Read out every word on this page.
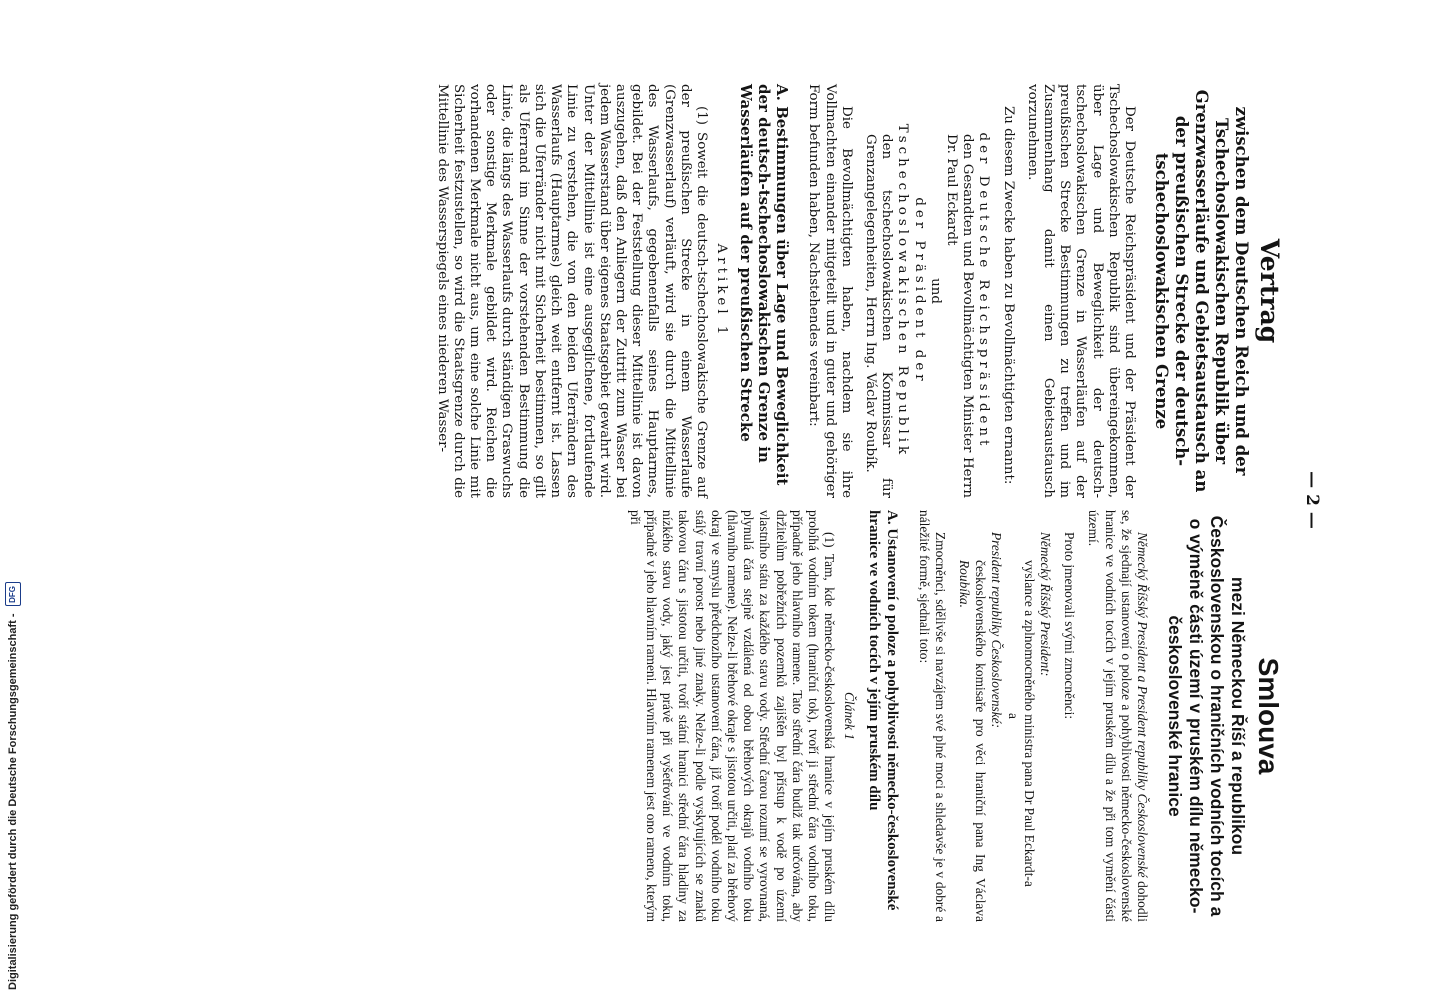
Digitalisierung gefördert durch die Deutsche Forschungsgemeinschaft - DFG
— 2 —
Vertrag
zwischen dem Deutschen Reich und der Tschechoslowakischen Republik über Grenzwasserläufe und Gebietsaustausch an der preußischen Strecke der deutsch-tschechoslowakischen Grenze

Der Deutsche Reichspräsident und der Präsident der Tschechoslowakischen Republik sind übereingekommen, über Lage und Beweglichkeit der deutsch-tschechoslowakischen Grenze in Wasserläufen auf der preußischen Strecke Bestimmungen zu treffen und im Zusammenhang damit einen Gebietsaustausch vorzunehmen.

Zu diesem Zwecke haben zu Bevollmächtigten ernannt:

der Deutsche Reichspräsident

den Gesandten und Bevollmächtigten Minister Herrn Dr. Paul Eckardt

und

der Präsident der Tschechoslowakischen Republik

den tschechoslowakischen Kommissar für Grenzangelegenheiten, Herrn Ing. Václav Roubík.

Die Bevollmächtigten haben, nachdem sie ihre Vollmachten einander mitgeteilt und in guter und gehöriger Form befunden haben, Nachstehendes vereinbart:

A. Bestimmungen über Lage und Beweglichkeit der deutsch-tschechoslowakischen Grenze in Wasserläufen auf der preußischen Strecke

Artikel 1

(1) Soweit die deutsch-tschechoslowakische Grenze auf der preußischen Strecke in einem Wasserlaufe (Grenzwasserlauf) verläuft, wird sie durch die Mittellinie des Wasserlaufs, gegebenenfalls seines Hauptarmes, gebildet. Bei der Feststellung dieser Mittellinie ist davon auszugehen, daß den Anliegern der Zutritt zum Wasser bei jedem Wasserstand über eigenes Staatsgebiet gewahrt wird. Unter der Mittellinie ist eine ausgeglichene, fortlaufende Linie zu verstehen, die von den beiden Uferrändern des Wasserlaufs (Hauptarmes) gleich weit entfernt ist. Lassen sich die Uferränder nicht mit Sicherheit bestimmen, so gilt als Uferrand im Sinne der vorstehenden Bestimmung die Linie, die längs des Wasserlaufs durch ständigen Graswuchs oder sonstige Merkmale gebildet wird. Reichen die vorhandenen Merkmale nicht aus, um eine solche Linie mit Sicherheit festzustellen, so wird die Staatsgrenze durch die Mittellinie des Wasserspiegels eines niederen Wasser-

Smlouva
mezi Německou Říší a republikou Československou o hraničních vodních tocích a o výměně části území v pruském dílu německo-československé hranice

Německý Říšský President a President republiky Československé dohodli se, že sjednají ustanovení o poloze a pohyblivosti německo-československé hranice ve vodních tocích v jejím pruském dílu a že při tom vymění části území.

Proto jmenovali svými zmocněnci:

Německý Říšský President:

vyslance a zplnomocněného ministra pana Dr Paul Eckardt-a

a

President republiky Československé:

československého komisaře pro věci hraniční pana Ing Václava Roubíka.

Zmocněnci, sdělivše si navzájem své plné moci a shledavše je v dobré a náležité formě, sjednali toto:

A. Ustanovení o poloze a pohyblivosti německo-československé hranice ve vodních tocích v jejím pruském dílu

Článek 1

(1) Tam, kde německo-československá hranice v jejím pruském dílu probíhá vodním tokem (hraniční tok), tvoří ji střední čára vodního toku, případně jeho hlavního ramene. Tato střední čára budiž tak určována, aby držitelům pobřežních pozemků zajištěn byl přístup k vodě po území vlastního státu za každého stavu vody. Střední čarou rozumí se vyrovnaná, plynulá čára stejně vzdálená od obou břehových okrajů vodního toku (hlavního ramene). Nelze-li břehové okraje s jistotou určiti, platí za břehový okraj ve smyslu předchozího ustanovení čára, již tvoří podél vodního toku stálý travní porost nebo jiné znaky. Nelze-li podle vyskytujících se znaků takovou čáru s jistotou určiti, tvoří státní hranici střední čára hladiny za nízkého stavu vody, jaký jest právě při vyšetřování ve vodním toku, případně v jeho hlavním rameni. Hlavním ramenem jest ono rameno, kterým při
